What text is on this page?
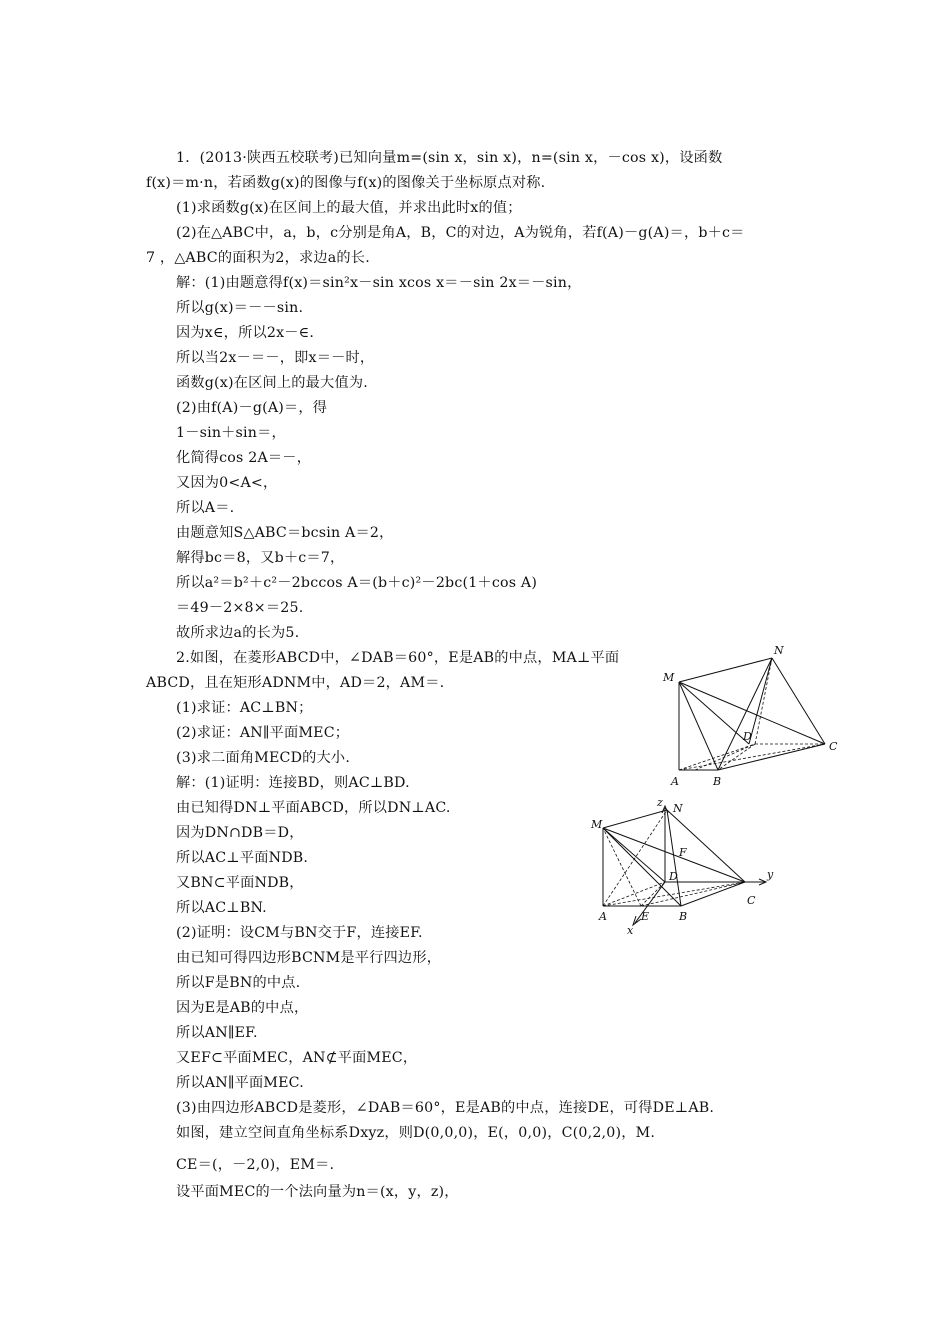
1．(2013·陕西五校联考)已知向量m=(sin x，sin x)，n=(sin x，－cos x)，设函数
f(x)＝m·n，若函数g(x)的图像与f(x)的图像关于坐标原点对称.
(1)求函数g(x)在区间上的最大值，并求出此时x的值；
(2)在△ABC中，a，b，c分别是角A，B，C的对边，A为锐角，若f(A)－g(A)＝，b＋c＝
7 ，△ABC的面积为2，求边a的长.
解：(1)由题意得f(x)＝sin²x－sin xcos x＝－sin 2x＝－sin，
所以g(x)＝－－sin.
因为x∈，所以2x－∈.
所以当2x－＝－，即x＝－时，
函数g(x)在区间上的最大值为.
(2)由f(A)－g(A)＝，得
1－sin＋sin＝，
化简得cos 2A＝－，
又因为0<A<，
所以A＝.
由题意知S△ABC＝bcsin A＝2，
解得bc＝8，又b＋c＝7，
所以a²＝b²＋c²－2bccos A＝(b＋c)²－2bc(1＋cos A)
＝49－2×8×＝25.
故所求边a的长为5.
2.如图，在菱形ABCD中，∠DAB＝60°，E是AB的中点，MA⊥平面
ABCD，且在矩形ADNM中，AD＝2，AM＝.
(1)求证：AC⊥BN；
(2)求证：AN∥平面MEC；
(3)求二面角MECD的大小.
解：(1)证明：连接BD，则AC⊥BD.
由已知得DN⊥平面ABCD，所以DN⊥AC.
因为DN∩DB＝D，
所以AC⊥平面NDB.
又BN⊂平面NDB，
所以AC⊥BN.
(2)证明：设CM与BN交于F，连接EF.
由已知可得四边形BCNM是平行四边形，
所以F是BN的中点.
因为E是AB的中点，
所以AN∥EF.
又EF⊂平面MEC，AN⊄平面MEC，
所以AN∥平面MEC.
(3)由四边形ABCD是菱形，∠DAB＝60°，E是AB的中点，连接DE，可得DE⊥AB.
如图，建立空间直角坐标系Dxyz，则D(0,0,0)，E(，0,0)，C(0,2,0)，M.
CE＝(，－2,0)，EM＝.
设平面MEC的一个法向量为n＝(x，y，z)，
N
M
D
C
z N
M
F
D	y
A	E	B
C
x
A	B
